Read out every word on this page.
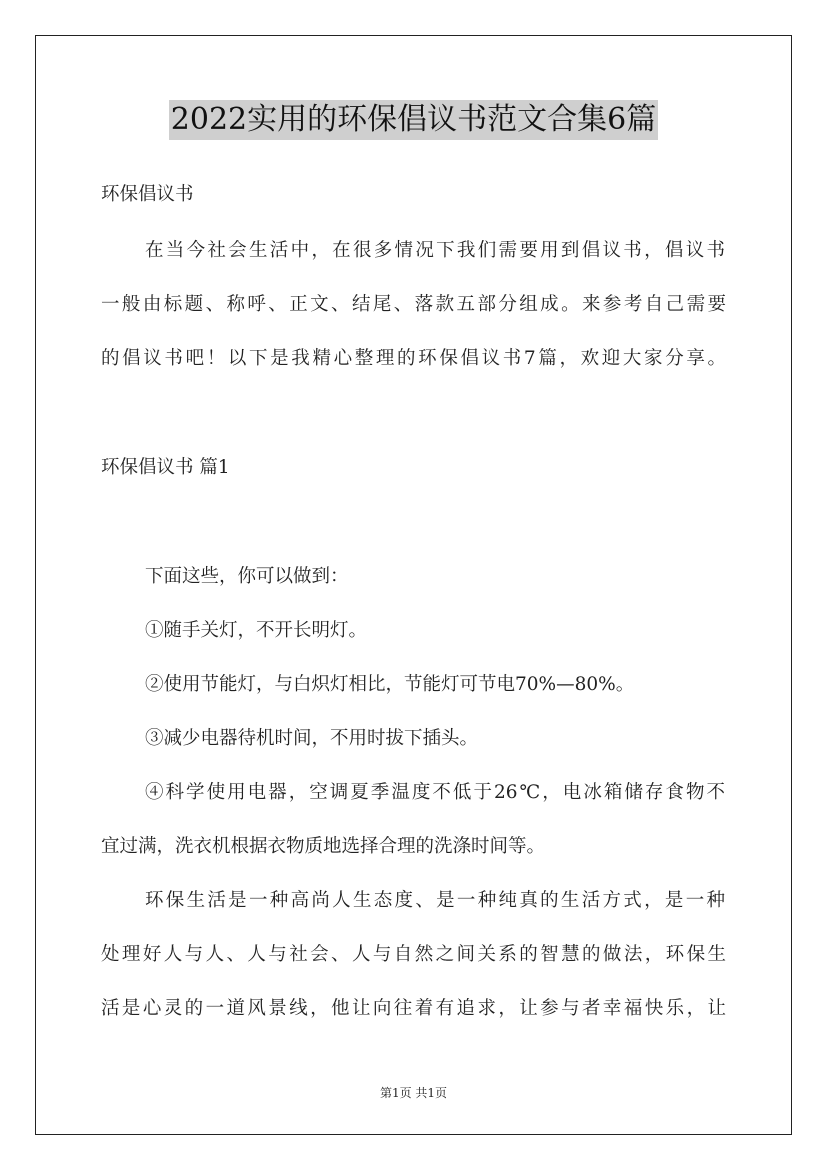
2022实用的环保倡议书范文合集6篇
环保倡议书
在当今社会生活中，在很多情况下我们需要用到倡议书，倡议书
一般由标题、称呼、正文、结尾、落款五部分组成。来参考自己需要
的倡议书吧！以下是我精心整理的环保倡议书7篇，欢迎大家分享。
环保倡议书 篇1
下面这些，你可以做到：
①随手关灯，不开长明灯。
②使用节能灯，与白炽灯相比，节能灯可节电70%—80%。
③减少电器待机时间，不用时拔下插头。
④科学使用电器，空调夏季温度不低于26℃，电冰箱储存食物不
宜过满，洗衣机根据衣物质地选择合理的洗涤时间等。
环保生活是一种高尚人生态度、是一种纯真的生活方式，是一种
处理好人与人、人与社会、人与自然之间关系的智慧的做法，环保生
活是心灵的一道风景线，他让向往着有追求，让参与者幸福快乐，让
第1页 共1页
